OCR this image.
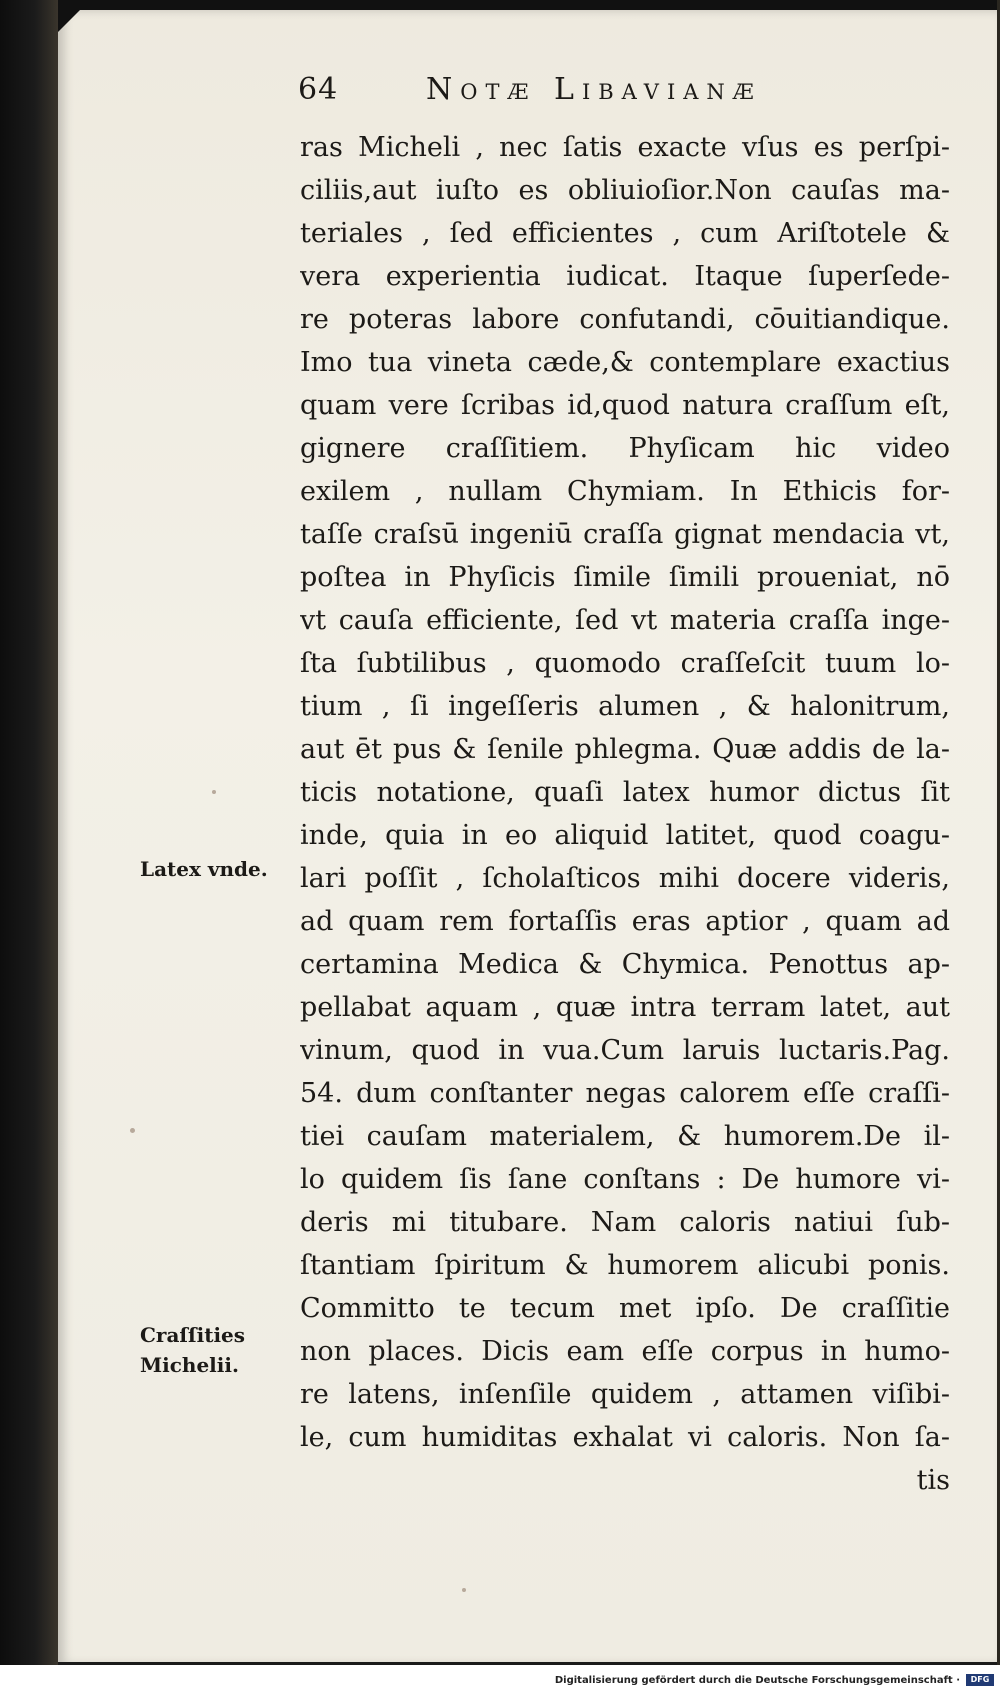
64	Notæ Libavianæ
ras Micheli , nec ſatis exacte vſus es perſpi-
ciliis,aut iuſto es obliuioſior.Non cauſas ma-
teriales , ſed efficientes , cum Ariſtotele &
vera experientia iudicat. Itaque ſuperſede-
re poteras labore confutandi, cōuitiandique.
Imo tua vineta cæde,& contemplare exactius
quam vere ſcribas id,quod natura craſſum eſt,
gignere craſſitiem. Phyſicam hic video
exilem , nullam Chymiam. In Ethicis for-
taſſe craſsū ingeniū craſſa gignat mendacia vt,
poſtea in Phyſicis ſimile ſimili proueniat, nō
vt cauſa efficiente, ſed vt materia craſſa inge-
ſta ſubtilibus , quomodo craſſeſcit tuum lo-
tium , ſi ingeſſeris alumen , & halonitrum,
aut ēt pus & ſenile phlegma. Quæ addis de la-
ticis notatione, quaſi latex humor dictus ſit
inde, quia in eo aliquid latitet, quod coagu-
lari poſſit , ſcholaſticos mihi docere videris,
ad quam rem fortaſſis eras aptior , quam ad
certamina Medica & Chymica. Penottus ap-
pellabat aquam , quæ intra terram latet, aut
vinum, quod in vua.Cum laruis luctaris.Pag.
54. dum conſtanter negas calorem eſſe craſſi-
tiei cauſam materialem, & humorem.De il-
lo quidem ſis ſane conſtans : De humore vi-
deris mi titubare. Nam caloris natiui ſub-
ſtantiam ſpiritum & humorem alicubi ponis.
Committo te tecum met ipſo. De craſſitie
non places. Dicis eam eſſe corpus in humo-
re latens, inſenſile quidem , attamen viſibi-
le, cum humiditas exhalat vi caloris. Non ſa-
tis
Latex vnde.
Craſſities
Michelii.
Digitalisierung gefördert durch die Deutsche Forschungsgemeinschaft ·	DFG
